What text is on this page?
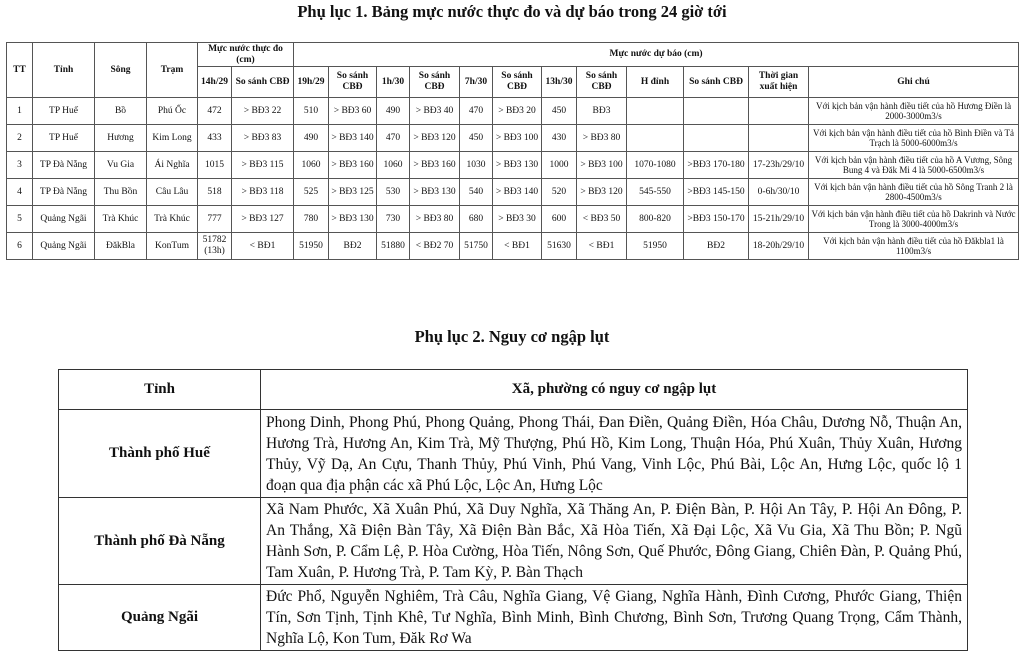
Phụ lục 1. Bảng mực nước thực đo và dự báo trong 24 giờ tới
TT	Tỉnh	Sông	Trạm	Mực nước thực đo (cm)		Mực nước dự báo (cm)											
				14h/29	So sánh CBĐ	19h/29	So sánh CBĐ	1h/30	So sánh CBĐ	7h/30	So sánh CBĐ	13h/30	So sánh CBĐ	H đỉnh	So sánh CBĐ	Thời gian xuất hiện	Ghi chú
1	TP Huế	Bồ	Phú Ốc	472	> BĐ3 22	510	> BĐ3 60	490	> BĐ3 40	470	> BĐ3 20	450	BĐ3				Với kịch bản vận hành điều tiết của hồ Hương Điền là 2000-3000m3/s
2	TP Huế	Hương	Kim Long	433	> BĐ3 83	490	> BĐ3 140	470	> BĐ3 120	450	> BĐ3 100	430	> BĐ3 80				Với kịch bản vận hành điều tiết của hồ Bình Điền và Tả Trạch là 5000-6000m3/s
3	TP Đà Nẵng	Vu Gia	Ái Nghĩa	1015	> BĐ3 115	1060	> BĐ3 160	1060	> BĐ3 160	1030	> BĐ3 130	1000	> BĐ3 100	1070-1080	>BĐ3 170-180	17-23h/29/10	Với kịch bản vận hành điều tiết của hồ A Vương, Sông Bung 4 và Đăk Mi 4 là 5000-6500m3/s
4	TP Đà Nẵng	Thu Bồn	Câu Lâu	518	> BĐ3 118	525	> BĐ3 125	530	> BĐ3 130	540	> BĐ3 140	520	> BĐ3 120	545-550	>BĐ3 145-150	0-6h/30/10	Với kịch bản vận hành điều tiết của hồ Sông Tranh 2 là 2800-4500m3/s
5	Quảng Ngãi	Trà Khúc	Trà Khúc	777	> BĐ3 127	780	> BĐ3 130	730	> BĐ3 80	680	> BĐ3 30	600	< BĐ3 50	800-820	>BĐ3 150-170	15-21h/29/10	Với kịch bản vận hành điều tiết của hồ Dakrinh và Nước Trong là 3000-4000m3/s
6	Quảng Ngãi	ĐăkBla	KonTum	51782 (13h)	< BĐ1	51950	BĐ2	51880	< BĐ2 70	51750	< BĐ1	51630	< BĐ1	51950	BĐ2	18-20h/29/10	Với kịch bản vận hành điều tiết của hồ Đăkbla1 là 1100m3/s
Phụ lục 2. Nguy cơ ngập lụt
Tỉnh	Xã, phường có nguy cơ ngập lụt
Thành phố Huế	Phong Dinh, Phong Phú, Phong Quảng, Phong Thái, Đan Điền, Quảng Điền, Hóa Châu, Dương Nỗ, Thuận An, Hương Trà, Hương An, Kim Trà, Mỹ Thượng, Phú Hồ, Kim Long, Thuận Hóa, Phú Xuân, Thủy Xuân, Hương Thủy, Vỹ Dạ, An Cựu, Thanh Thủy, Phú Vinh, Phú Vang, Vinh Lộc, Phú Bài, Lộc An, Hưng Lộc, quốc lộ 1 đoạn qua địa phận các xã Phú Lộc, Lộc An, Hưng Lộc
Thành phố Đà Nẵng	Xã Nam Phước, Xã Xuân Phú, Xã Duy Nghĩa, Xã Thăng An, P. Điện Bàn, P. Hội An Tây, P. Hội An Đông, P. An Thắng, Xã Điện Bàn Tây, Xã Điện Bàn Bắc, Xã Hòa Tiến, Xã Đại Lộc, Xã Vu Gia, Xã Thu Bồn; P. Ngũ Hành Sơn, P. Cẩm Lệ, P. Hòa Cường, Hòa Tiến, Nông Sơn, Quế Phước, Đông Giang, Chiên Đàn, P. Quảng Phú, Tam Xuân, P. Hương Trà, P. Tam Kỳ, P. Bàn Thạch
Quảng Ngãi	Đức Phổ, Nguyễn Nghiêm, Trà Câu, Nghĩa Giang, Vệ Giang, Nghĩa Hành, Đình Cương, Phước Giang, Thiện Tín, Sơn Tịnh, Tịnh Khê, Tư Nghĩa, Bình Minh, Bình Chương, Bình Sơn, Trương Quang Trọng, Cẩm Thành, Nghĩa Lộ, Kon Tum, Đăk Rơ Wa
